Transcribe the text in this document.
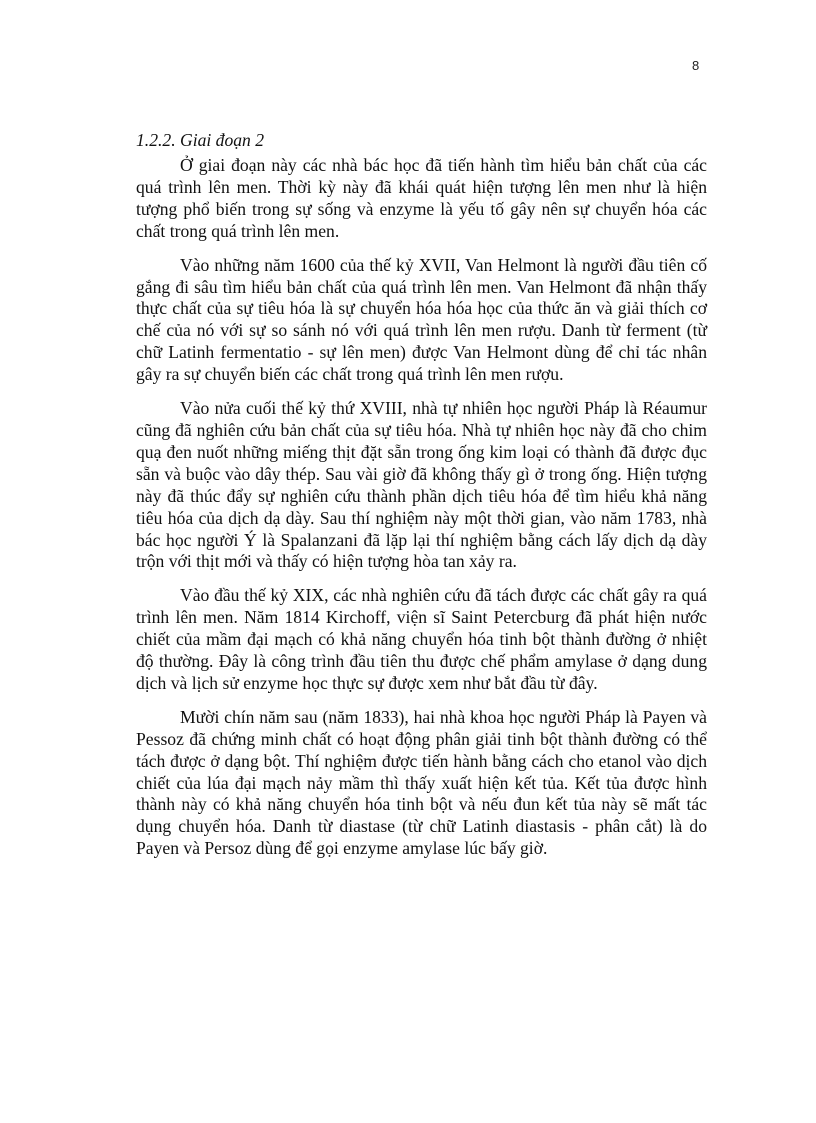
8

1.2.2. Giai đoạn 2

Ở giai đoạn này các nhà bác học đã tiến hành tìm hiểu bản chất của các quá trình lên men. Thời kỳ này đã khái quát hiện tượng lên men như là hiện tượng phổ biến trong sự sống và enzyme là yếu tố gây nên sự chuyển hóa các chất trong quá trình lên men.

Vào những năm 1600 của thế kỷ XVII, Van Helmont là người đầu tiên cố gắng đi sâu tìm hiểu bản chất của quá trình lên men. Van Helmont đã nhận thấy thực chất của sự tiêu hóa là sự chuyển hóa hóa học của thức ăn và giải thích cơ chế của nó với sự so sánh nó với quá trình lên men rượu. Danh từ ferment (từ chữ Latinh fermentatio - sự lên men) được Van Helmont dùng để chỉ tác nhân gây ra sự chuyển biến các chất trong quá trình lên men rượu.

Vào nửa cuối thế kỷ thứ XVIII, nhà tự nhiên học người Pháp là Réaumur cũng đã nghiên cứu bản chất của sự tiêu hóa. Nhà tự nhiên học này đã cho chim quạ đen nuốt những miếng thịt đặt sẵn trong ống kim loại có thành đã được đục sẵn và buộc vào dây thép. Sau vài giờ đã không thấy gì ở trong ống. Hiện tượng này đã thúc đẩy sự nghiên cứu thành phần dịch tiêu hóa để tìm hiểu khả năng tiêu hóa của dịch dạ dày. Sau thí nghiệm này một thời gian, vào năm 1783, nhà bác học người Ý là Spalanzani đã lặp lại thí nghiệm bằng cách lấy dịch dạ dày trộn với thịt mới và thấy có hiện tượng hòa tan xảy ra.

Vào đầu thế kỷ XIX, các nhà nghiên cứu đã tách được các chất gây ra quá trình lên men. Năm 1814 Kirchoff, viện sĩ Saint Petercburg đã phát hiện nước chiết của mầm đại mạch có khả năng chuyển hóa tinh bột thành đường ở nhiệt độ thường. Đây là công trình đầu tiên thu được chế phẩm amylase ở dạng dung dịch và lịch sử enzyme học thực sự được xem như bắt đầu từ đây.

Mười chín năm sau (năm 1833), hai nhà khoa học người Pháp là Payen và Pessoz đã chứng minh chất có hoạt động phân giải tinh bột thành đường có thể tách được ở dạng bột. Thí nghiệm được tiến hành bằng cách cho etanol vào dịch chiết của lúa đại mạch nảy mầm thì thấy xuất hiện kết tủa. Kết tủa được hình thành này có khả năng chuyển hóa tinh bột và nếu đun kết tủa này sẽ mất tác dụng chuyển hóa. Danh từ diastase (từ chữ Latinh diastasis - phân cắt) là do Payen và Persoz dùng để gọi enzyme amylase lúc bấy giờ.
